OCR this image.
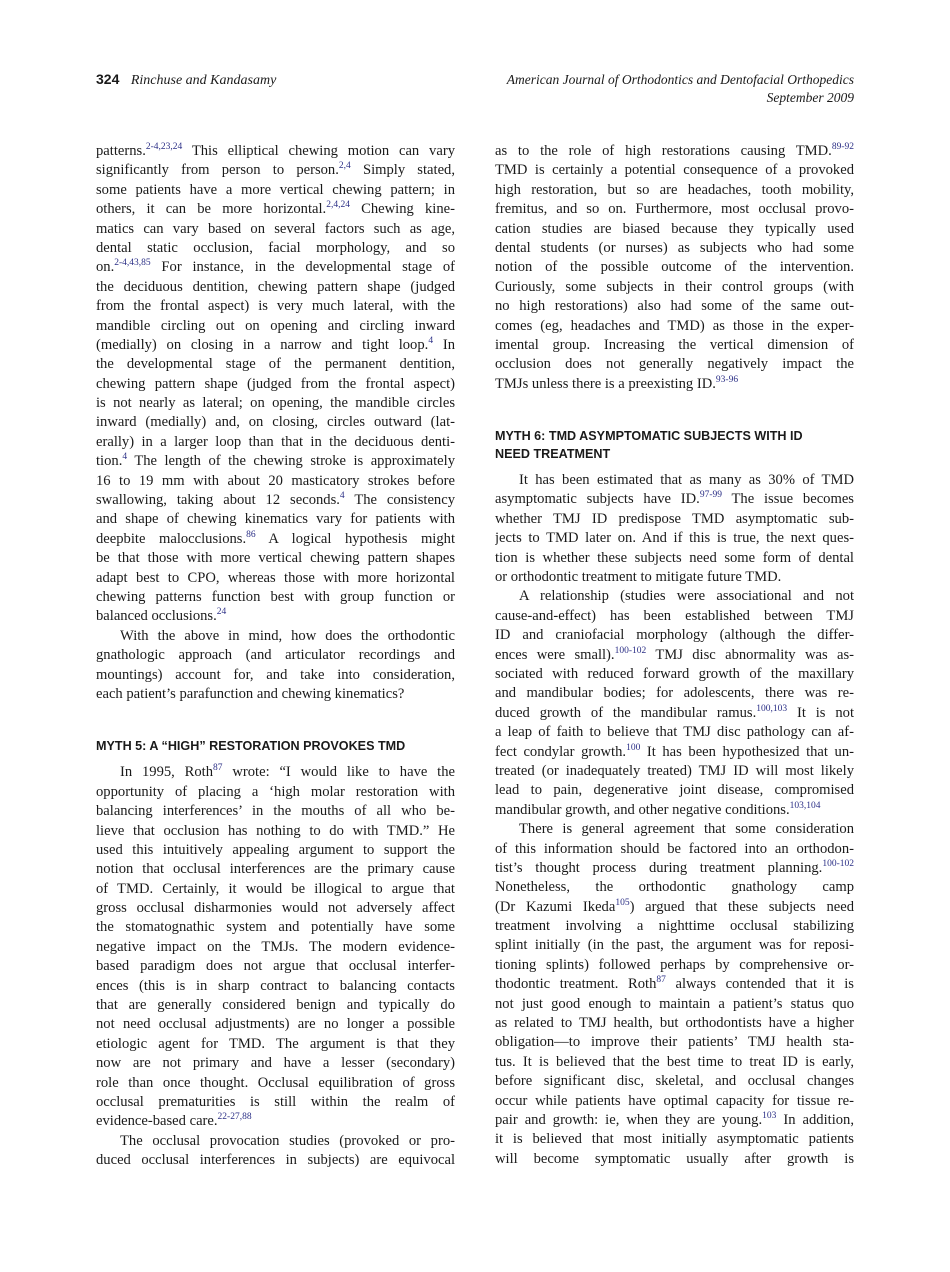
324 Rinchuse and Kandasamy	American Journal of Orthodontics and Dentofacial Orthopedics
September 2009
patterns.$^{2-4,23,24}$ This elliptical chewing motion can vary
significantly from person to person.$^{2,4}$ Simply stated,
some patients have a more vertical chewing pattern; in
others, it can be more horizontal.$^{2,4,24}$ Chewing kine-
matics can vary based on several factors such as age,
dental static occlusion, facial morphology, and so
on.$^{2-4,43,85}$ For instance, in the developmental stage of
the deciduous dentition, chewing pattern shape (judged
from the frontal aspect) is very much lateral, with the
mandible circling out on opening and circling inward
(medially) on closing in a narrow and tight loop.$^4$ In
the developmental stage of the permanent dentition,
chewing pattern shape (judged from the frontal aspect)
is not nearly as lateral; on opening, the mandible circles
inward (medially) and, on closing, circles outward (lat-
erally) in a larger loop than that in the deciduous denti-
tion.$^4$ The length of the chewing stroke is approximately
16 to 19 mm with about 20 masticatory strokes before
swallowing, taking about 12 seconds.$^4$ The consistency
and shape of chewing kinematics vary for patients with
deepbite malocclusions.$^{86}$ A logical hypothesis might
be that those with more vertical chewing pattern shapes
adapt best to CPO, whereas those with more horizontal
chewing patterns function best with group function or
balanced occlusions.$^{24}$
With the above in mind, how does the orthodontic
gnathologic approach (and articulator recordings and
mountings) account for, and take into consideration,
each patient’s parafunction and chewing kinematics?
MYTH 5: A “HIGH” RESTORATION PROVOKES TMD
In 1995, Roth$^{87}$ wrote: “I would like to have the
opportunity of placing a ‘high molar restoration with
balancing interferences’ in the mouths of all who be-
lieve that occlusion has nothing to do with TMD.” He
used this intuitively appealing argument to support the
notion that occlusal interferences are the primary cause
of TMD. Certainly, it would be illogical to argue that
gross occlusal disharmonies would not adversely affect
the stomatognathic system and potentially have some
negative impact on the TMJs. The modern evidence-
based paradigm does not argue that occlusal interfer-
ences (this is in sharp contract to balancing contacts
that are generally considered benign and typically do
not need occlusal adjustments) are no longer a possible
etiologic agent for TMD. The argument is that they
now are not primary and have a lesser (secondary)
role than once thought. Occlusal equilibration of gross
occlusal prematurities is still within the realm of
evidence-based care.$^{22-27,88}$
The occlusal provocation studies (provoked or pro-
duced occlusal interferences in subjects) are equivocal
as to the role of high restorations causing TMD.$^{89-92}$
TMD is certainly a potential consequence of a provoked
high restoration, but so are headaches, tooth mobility,
fremitus, and so on. Furthermore, most occlusal provo-
cation studies are biased because they typically used
dental students (or nurses) as subjects who had some
notion of the possible outcome of the intervention.
Curiously, some subjects in their control groups (with
no high restorations) also had some of the same out-
comes (eg, headaches and TMD) as those in the exper-
imental group. Increasing the vertical dimension of
occlusion does not generally negatively impact the
TMJs unless there is a preexisting ID.$^{93-96}$
MYTH 6: TMD ASYMPTOMATIC SUBJECTS WITH ID
NEED TREATMENT
It has been estimated that as many as 30% of TMD
asymptomatic subjects have ID.$^{97-99}$ The issue becomes
whether TMJ ID predispose TMD asymptomatic sub-
jects to TMD later on. And if this is true, the next ques-
tion is whether these subjects need some form of dental
or orthodontic treatment to mitigate future TMD.
A relationship (studies were associational and not
cause-and-effect) has been established between TMJ
ID and craniofacial morphology (although the differ-
ences were small).$^{100-102}$ TMJ disc abnormality was as-
sociated with reduced forward growth of the maxillary
and mandibular bodies; for adolescents, there was re-
duced growth of the mandibular ramus.$^{100,103}$ It is not
a leap of faith to believe that TMJ disc pathology can af-
fect condylar growth.$^{100}$ It has been hypothesized that un-
treated (or inadequately treated) TMJ ID will most likely
lead to pain, degenerative joint disease, compromised
mandibular growth, and other negative conditions.$^{103,104}$
There is general agreement that some consideration
of this information should be factored into an orthodon-
tist’s thought process during treatment planning.$^{100-102}$
Nonetheless, the orthodontic gnathology camp
(Dr Kazumi Ikeda$^{105}$) argued that these subjects need
treatment involving a nighttime occlusal stabilizing
splint initially (in the past, the argument was for reposi-
tioning splints) followed perhaps by comprehensive or-
thodontic treatment. Roth$^{87}$ always contended that it is
not just good enough to maintain a patient’s status quo
as related to TMJ health, but orthodontists have a higher
obligation—to improve their patients’ TMJ health sta-
tus. It is believed that the best time to treat ID is early,
before significant disc, skeletal, and occlusal changes
occur while patients have optimal capacity for tissue re-
pair and growth: ie, when they are young.$^{103}$ In addition,
it is believed that most initially asymptomatic patients
will become symptomatic usually after growth is
